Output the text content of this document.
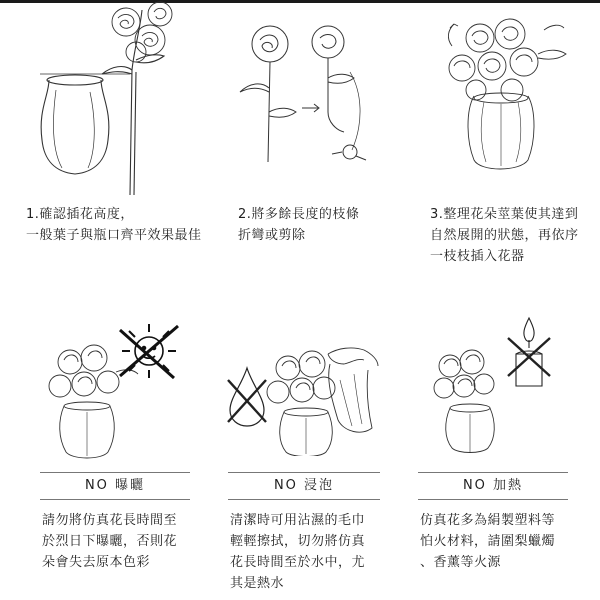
1.確認插花高度，
一般葉子與瓶口齊平效果最佳
2.將多餘長度的枝條
折彎或剪除
3.整理花朵莖葉使其達到
自然展開的狀態，再依序
一枝枝插入花器
NO 曝曬	NO 浸泡	NO 加熱
請勿將仿真花長時間至
於烈日下曝曬，否則花
朵會失去原本色彩
清潔時可用沾濕的毛巾
輕輕擦拭，切勿將仿真
花長時間至於水中，尤
其是熱水
仿真花多為絹製塑料等
怕火材料，請圍梨蠟燭
、香薰等火源
